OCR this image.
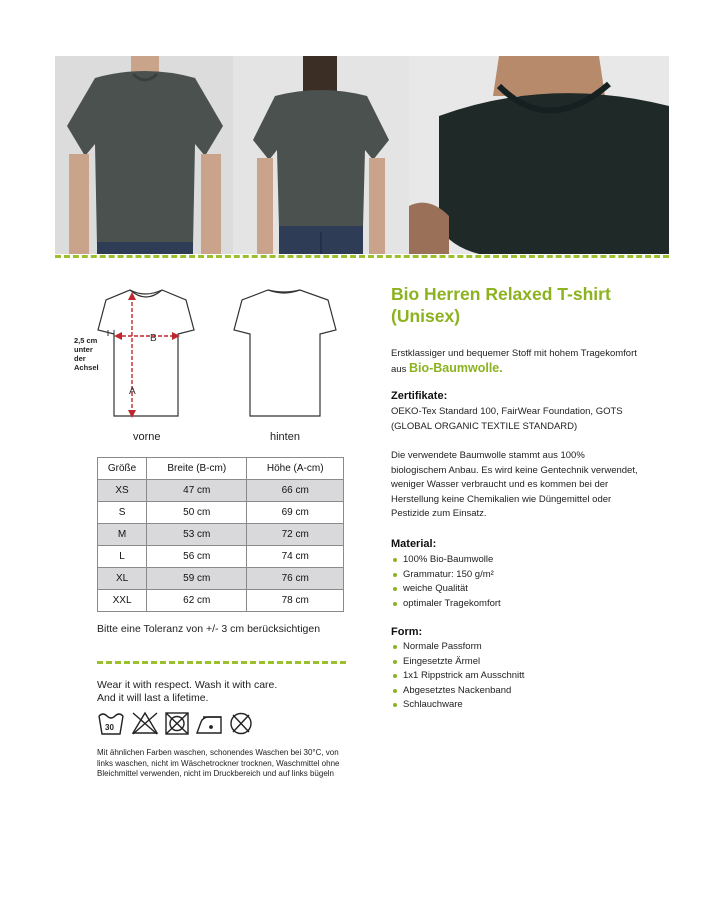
B
A
2,5 cm unter der Achsel
vorne	hinten
Größe	Breite (B-cm)	Höhe (A-cm)
XS	47 cm	66 cm
S	50 cm	69 cm
M	53 cm	72 cm
L	56 cm	74 cm
XL	59 cm	76 cm
XXL	62 cm	78 cm
Bitte eine Toleranz von +/- 3 cm berücksichtigen
Wear it with respect. Wash it with care.
And it will last a lifetime.
30
Mit ähnlichen Farben waschen, schonendes Waschen bei 30°C, von links waschen, nicht im Wäschetrockner trocknen, Waschmittel ohne Bleichmittel verwenden, nicht im Druckbereich und auf links bügeln
Bio Herren Relaxed T-shirt (Unisex)
Erstklassiger und bequemer Stoff mit hohem Tragekomfort aus Bio-Baumwolle.
Zertifikate:
OEKO-Tex Standard 100, FairWear Foundation, GOTS (GLOBAL ORGANIC TEXTILE STANDARD)
Die verwendete Baumwolle stammt aus 100% biologischem Anbau. Es wird keine Gentechnik verwendet, weniger Wasser verbraucht und es kommen bei der Herstellung keine Chemikalien wie Düngemittel oder Pestizide zum Einsatz.
Material:
100% Bio-Baumwolle
Grammatur: 150 g/m²
weiche Qualität
optimaler Tragekomfort
Form:
Normale Passform
Eingesetzte Ärmel
1x1 Rippstrick am Ausschnitt
Abgesetztes Nackenband
Schlauchware
